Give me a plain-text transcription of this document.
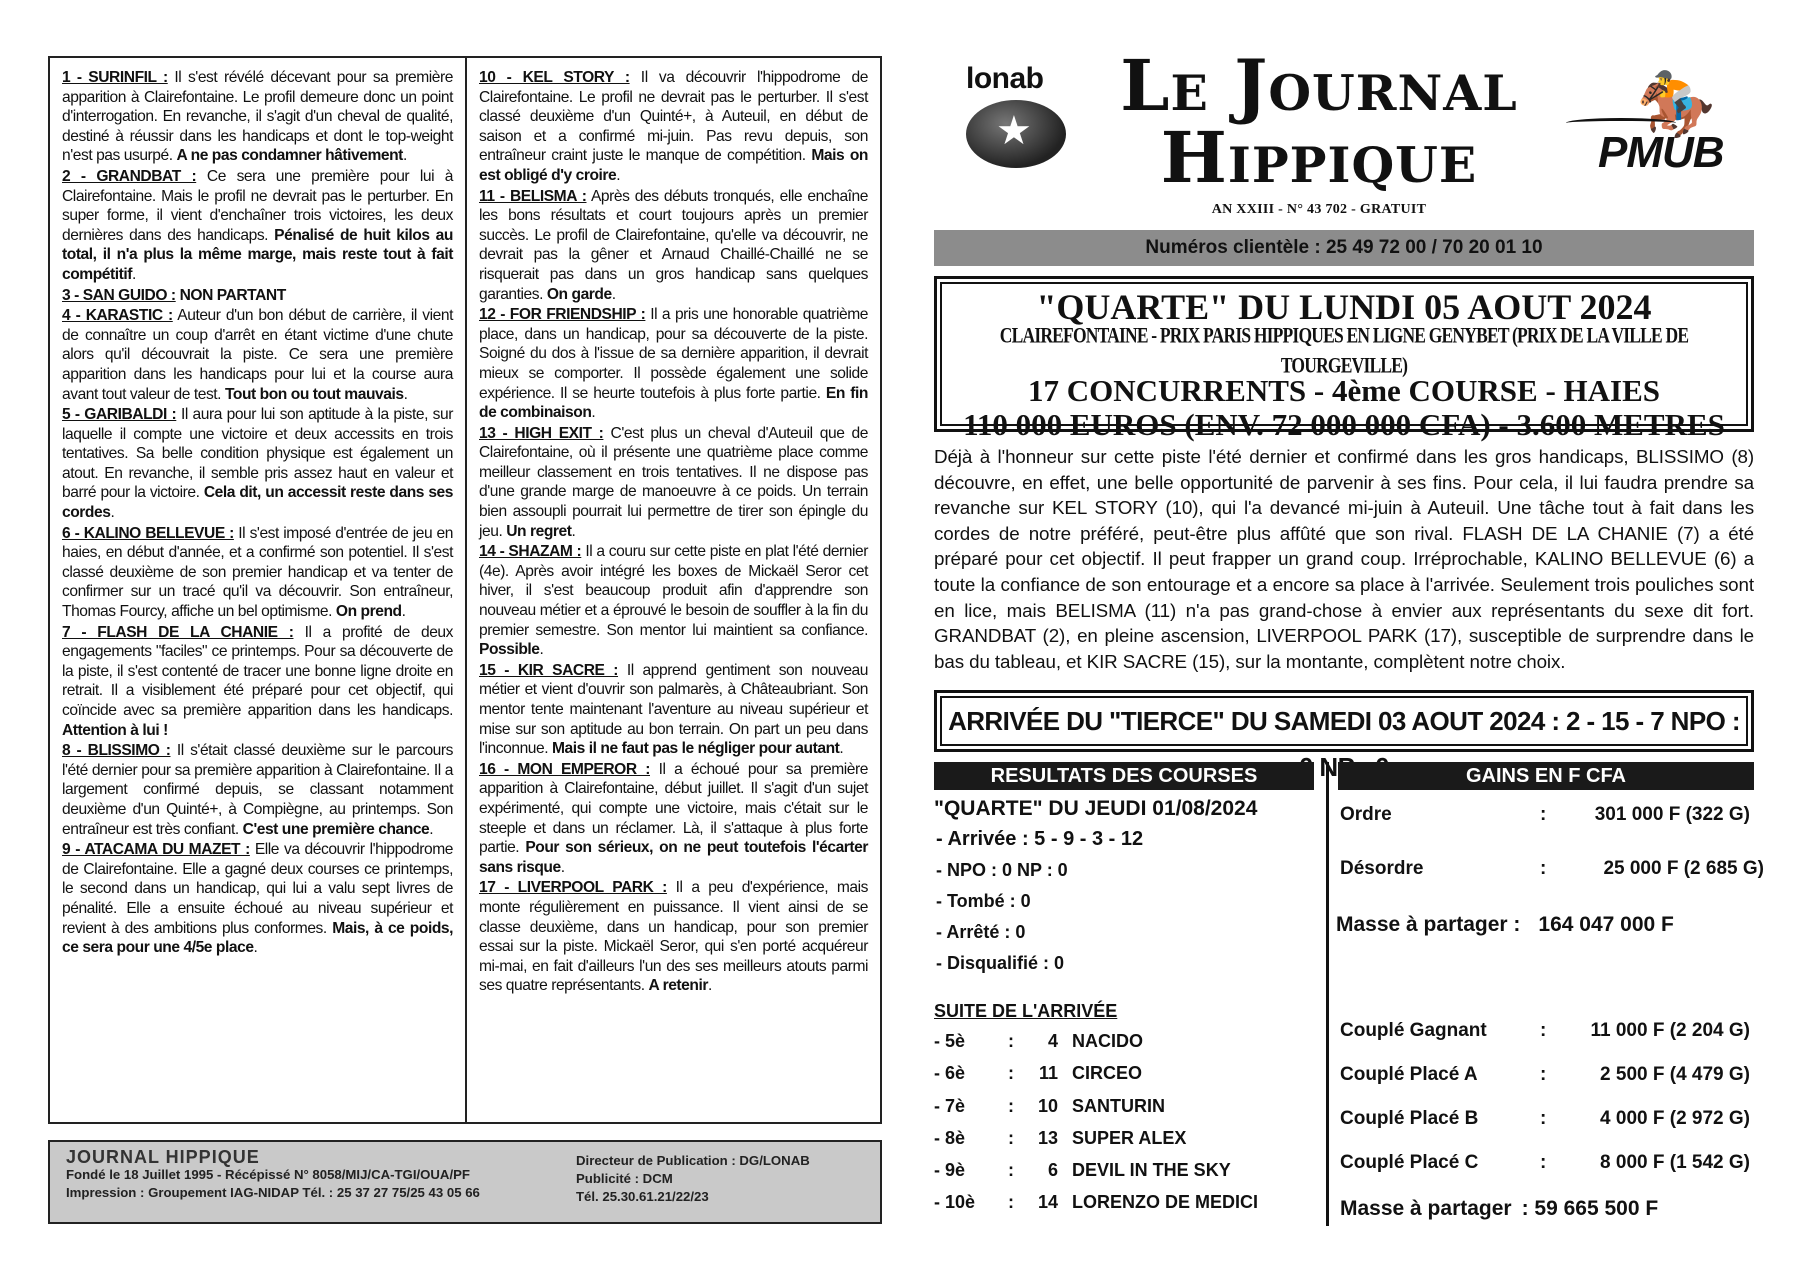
1 - SURINFIL : Il s'est révélé décevant pour sa première apparition à Clairefontaine. Le profil demeure donc un point d'interrogation. En revanche, il s'agit d'un cheval de qualité, destiné à réussir dans les handicaps et dont le top-weight n'est pas usurpé. A ne pas condamner hâtivement.
2 - GRANDBAT : Ce sera une première pour lui à Clairefontaine. Mais le profil ne devrait pas le perturber. En super forme, il vient d'enchaîner trois victoires, les deux dernières dans des handicaps. Pénalisé de huit kilos au total, il n'a plus la même marge, mais reste tout à fait compétitif.
3 - SAN GUIDO : NON PARTANT
4 - KARASTIC : Auteur d'un bon début de carrière, il vient de connaître un coup d'arrêt en étant victime d'une chute alors qu'il découvrait la piste. Ce sera une première apparition dans les handicaps pour lui et la course aura avant tout valeur de test. Tout bon ou tout mauvais.
5 - GARIBALDI : Il aura pour lui son aptitude à la piste, sur laquelle il compte une victoire et deux accessits en trois tentatives. Sa belle condition physique est également un atout. En revanche, il semble pris assez haut en valeur et barré pour la victoire. Cela dit, un accessit reste dans ses cordes.
6 - KALINO BELLEVUE : Il s'est imposé d'entrée de jeu en haies, en début d'année, et a confirmé son potentiel. Il s'est classé deuxième de son premier handicap et va tenter de confirmer sur un tracé qu'il va découvrir. Son entraîneur, Thomas Fourcy, affiche un bel optimisme. On prend.
7 - FLASH DE LA CHANIE : Il a profité de deux engagements "faciles" ce printemps. Pour sa découverte de la piste, il s'est contenté de tracer une bonne ligne droite en retrait. Il a visiblement été préparé pour cet objectif, qui coïncide avec sa première apparition dans les handicaps. Attention à lui !
8 - BLISSIMO : Il s'était classé deuxième sur le parcours l'été dernier pour sa première apparition à Clairefontaine. Il a largement confirmé depuis, se classant notamment deuxième d'un Quinté+, à Compiègne, au printemps. Son entraîneur est très confiant. C'est une première chance.
9 - ATACAMA DU MAZET : Elle va découvrir l'hippodrome de Clairefontaine. Elle a gagné deux courses ce printemps, le second dans un handicap, qui lui a valu sept livres de pénalité. Elle a ensuite échoué au niveau supérieur et revient à des ambitions plus conformes. Mais, à ce poids, ce sera pour une 4/5e place.
10 - KEL STORY : Il va découvrir l'hippodrome de Clairefontaine. Le profil ne devrait pas le perturber. Il s'est classé deuxième d'un Quinté+, à Auteuil, en début de saison et a confirmé mi-juin. Pas revu depuis, son entraîneur craint juste le manque de compétition. Mais on est obligé d'y croire.
11 - BELISMA : Après des débuts tronqués, elle enchaîne les bons résultats et court toujours après un premier succès. Le profil de Clairefontaine, qu'elle va découvrir, ne devrait pas la gêner et Arnaud Chaillé-Chaillé ne se risquerait pas dans un gros handicap sans quelques garanties. On garde.
12 - FOR FRIENDSHIP : Il a pris une honorable quatrième place, dans un handicap, pour sa découverte de la piste. Soigné du dos à l'issue de sa dernière apparition, il devrait mieux se comporter. Il possède également une solide expérience. Il se heurte toutefois à plus forte partie. En fin de combinaison.
13 - HIGH EXIT : C'est plus un cheval d'Auteuil que de Clairefontaine, où il présente une quatrième place comme meilleur classement en trois tentatives. Il ne dispose pas d'une grande marge de manoeuvre à ce poids. Un terrain bien assoupli pourrait lui permettre de tirer son épingle du jeu. Un regret.
14 - SHAZAM : Il a couru sur cette piste en plat l'été dernier (4e). Après avoir intégré les boxes de Mickaël Seror cet hiver, il s'est beaucoup produit afin d'apprendre son nouveau métier et a éprouvé le besoin de souffler à la fin du premier semestre. Son mentor lui maintient sa confiance. Possible.
15 - KIR SACRE : Il apprend gentiment son nouveau métier et vient d'ouvrir son palmarès, à Châteaubriant. Son mentor tente maintenant l'aventure au niveau supérieur et mise sur son aptitude au bon terrain. On part un peu dans l'inconnue. Mais il ne faut pas le négliger pour autant.
16 - MON EMPEROR : Il a échoué pour sa première apparition à Clairefontaine, début juillet. Il s'agit d'un sujet expérimenté, qui compte une victoire, mais c'était sur le steeple et dans un réclamer. Là, il s'attaque à plus forte partie. Pour son sérieux, on ne peut toutefois l'écarter sans risque.
17 - LIVERPOOL PARK : Il a peu d'expérience, mais monte régulièrement en puissance. Il vient ainsi de se classe deuxième, dans un handicap, pour son premier essai sur la piste. Mickaël Seror, qui s'en porté acquéreur mi-mai, en fait d'ailleurs l'un des ses meilleurs atouts parmi ses quatre représentants. A retenir.
JOURNAL HIPPIQUE
Fondé le 18 Juillet 1995 - Récépissé N° 8058/MIJ/CA-TGI/OUA/PF
Impression : Groupement IAG-NIDAP Tél. : 25 37 27 75/25 43 05 66
Directeur de Publication : DG/LONAB
Publicité : DCM
Tél. 25.30.61.21/22/23
lonab
★
Le Journal
Hippique
AN XXIII - N° 43 702 - GRATUIT
🏇
PMUB
Numéros clientèle : 25 49 72 00 / 70 20 01 10
"QUARTE" DU LUNDI 05 AOUT 2024
CLAIREFONTAINE - PRIX PARIS HIPPIQUES EN LIGNE GENYBET (PRIX DE LA VILLE DE TOURGEVILLE)
17 CONCURRENTS - 4ème COURSE - HAIES
110 000 EUROS (ENV. 72 000 000 CFA) - 3.600 METRES
Déjà à l'honneur sur cette piste l'été dernier et confirmé dans les gros handicaps, BLISSIMO (8) découvre, en effet, une belle opportunité de parvenir à ses fins. Pour cela, il lui faudra prendre sa revanche sur KEL STORY (10), qui l'a devancé mi-juin à Auteuil. Une tâche tout à fait dans les cordes de notre préféré, peut-être plus affûté que son rival. FLASH DE LA CHANIE (7) a été préparé pour cet objectif. Il peut frapper un grand coup. Irréprochable, KALINO BELLEVUE (6) a toute la confiance de son entourage et a encore sa place à l'arrivée. Seulement trois pouliches sont en lice, mais BELISMA (11) n'a pas grand-chose à envier aux représentants du sexe dit fort. GRANDBAT (2), en pleine ascension, LIVERPOOL PARK (17), susceptible de surprendre dans le bas du tableau, et KIR SACRE (15), sur la montante, complètent notre choix.
ARRIVÉE DU "TIERCE" DU SAMEDI 03 AOUT 2024 : 2 - 15 - 7 NPO : NP
RESULTATS DES COURSES	GAINS EN F CFA
"QUARTE" DU JEUDI 01/08/2024
- Arrivée : 5 - 9 - 3 - 12
- NPO : 0 NP : 0
- Tombé : 0
- Arrêté : 0
- Disqualifié : 0
SUITE DE L'ARRIVÉE
- 5è	:	4 NACIDO
- 6è	:	11 CIRCEO
- 7è	:	10 SANTURIN
- 8è	:	13 SUPER ALEX
- 9è	:	6 DEVIL IN THE SKY
- 10è	:	14 LORENZO DE MEDICI
Ordre	:	301 000 F (322 G)
Désordre	:	25 000 F (2 685 G)
Masse à partager : 164 047 000 F
Couplé Gagnant	: 11 000 F (2 204 G)
Couplé Placé A	:	2 500 F (4 479 G)
Couplé Placé B	:	4 000 F (2 972 G)
Couplé Placé C	:	8 000 F (1 542 G)
Masse à partager : 59 665 500 F
